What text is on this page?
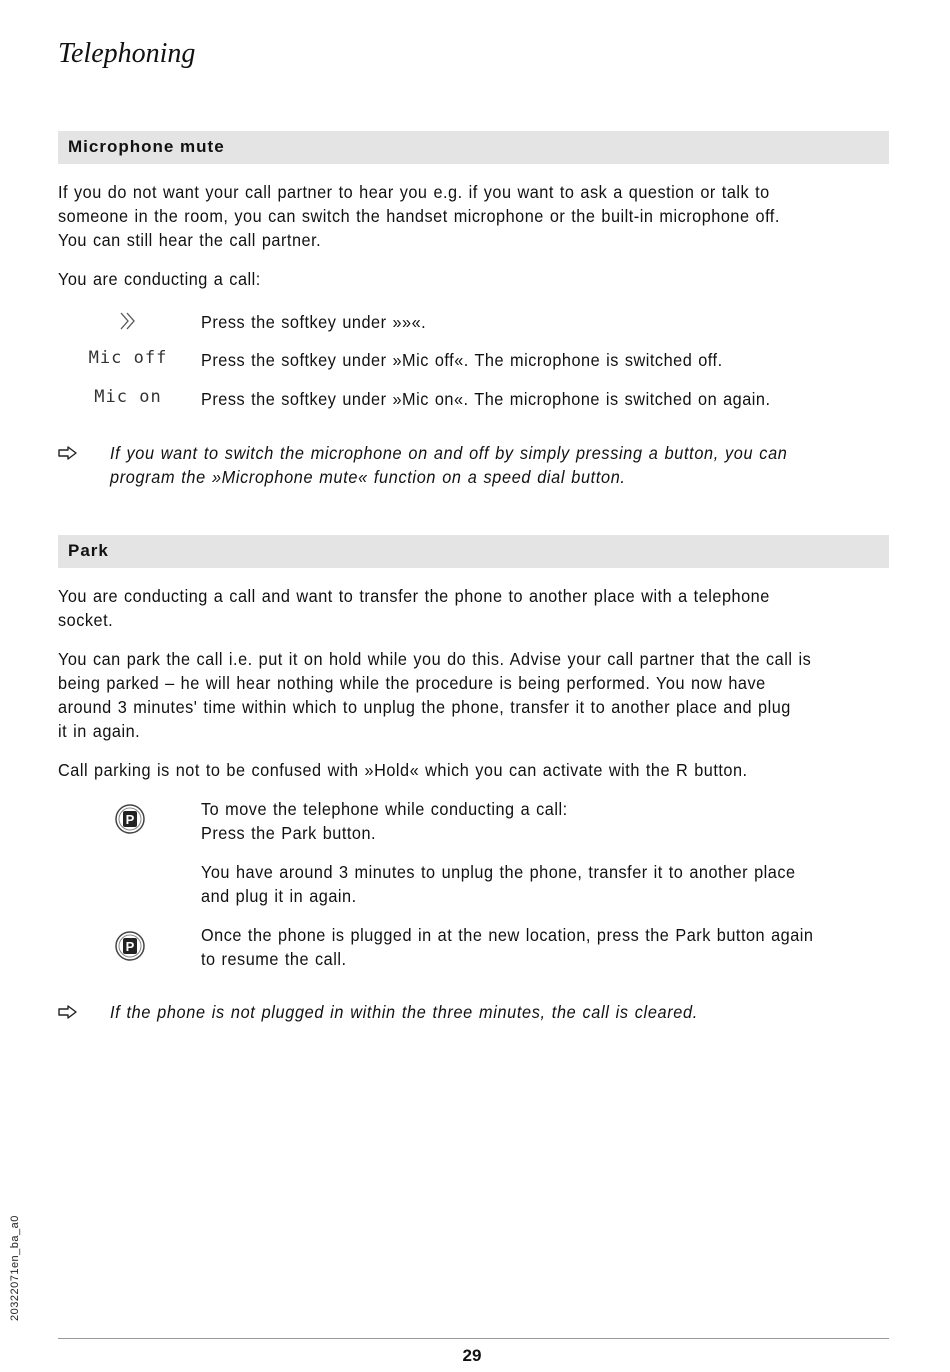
Telephoning
Microphone mute
If you do not want your call partner to hear you e.g. if you want to ask a question or talk to
someone in the room, you can switch the handset microphone or the built-in microphone off.
You can still hear the call partner.
You are conducting a call:
Press the softkey under »»«.
Mic off	Press the softkey under »Mic off«. The microphone is switched off.
Mic on	Press the softkey under »Mic on«. The microphone is switched on again.
If you want to switch the microphone on and off by simply pressing a button, you can
program the »Microphone mute« function on a speed dial button.
Park
You are conducting a call and want to transfer the phone to another place with a telephone
socket.
You can park the call i.e. put it on hold while you do this. Advise your call partner that the call is
being parked – he will hear nothing while the procedure is being performed. You now have
around 3 minutes' time within which to unplug the phone, transfer it to another place and plug
it in again.
Call parking is not to be confused with »Hold« which you can activate with the R button.
P
To move the telephone while conducting a call:
Press the Park button.
You have around 3 minutes to unplug the phone, transfer it to another place
and plug it in again.
P
Once the phone is plugged in at the new location, press the Park button again
to resume the call.
If the phone is not plugged in within the three minutes, the call is cleared.
20322071en_ba_a0
29
